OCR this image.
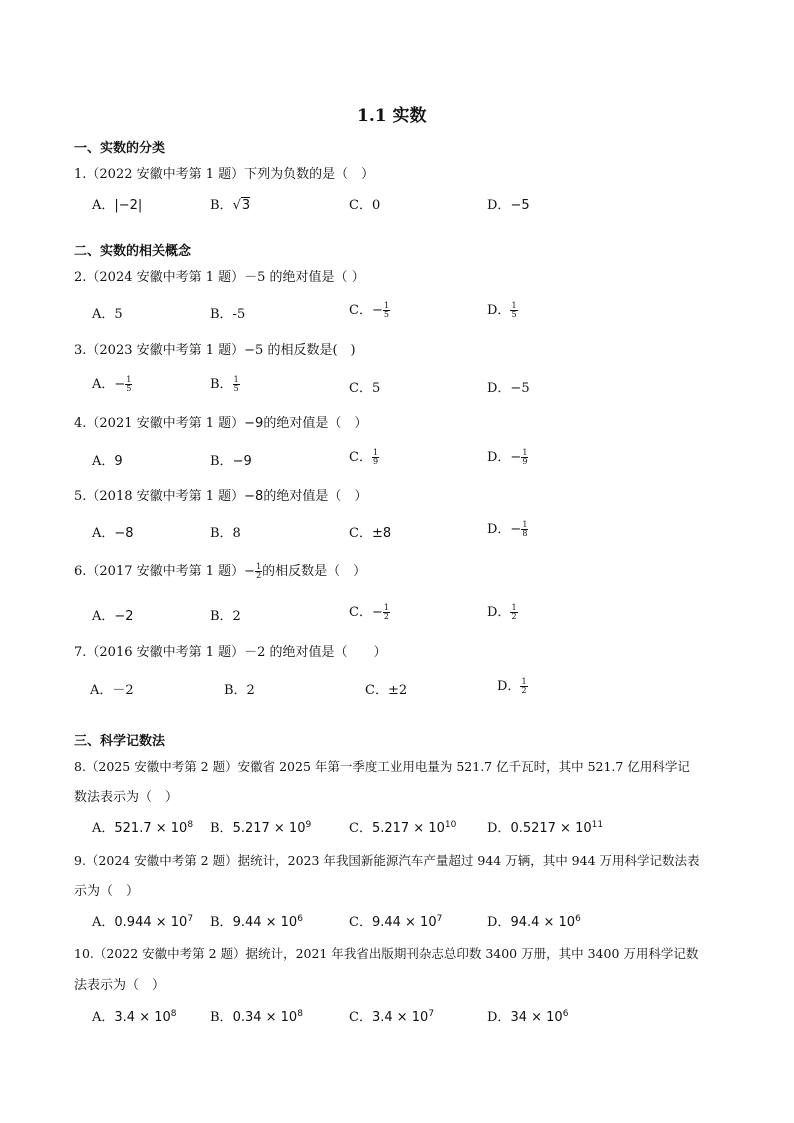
1.1 实数
一、实数的分类
1.（2022 安徽中考第 1 题）下列为负数的是（　）
A．|−2|	B．√3	C．0	D．−5
二、实数的相关概念
2.（2024 安徽中考第 1 题）－5 的绝对值是（ ）
A．5	B．-5	C．− $\frac{1}{5}$	D． $\frac{1}{5}$
3.（2023 安徽中考第 1 题）−5 的相反数是(　)
A．− $\frac{1}{5}$	B． $\frac{1}{5}$	C．5	D．−5
4.（2021 安徽中考第 1 题）−9的绝对值是（　）
A．9	B．−9	C． $\frac{1}{9}$	D．− $\frac{1}{9}$
5.（2018 安徽中考第 1 题）−8的绝对值是（　）
A．−8	B．8	C．±8	D．− $\frac{1}{8}$
6.（2017 安徽中考第 1 题）− $\frac{1}{2}$ 的相反数是（　）
A．−2	B．2	C．− $\frac{1}{2}$	D． $\frac{1}{2}$
7.（2016 安徽中考第 1 题）－2 的绝对值是（　　）
A．－2	B．2	C．±2	D． $\frac{1}{2}$
三、科学记数法
8.（2025 安徽中考第 2 题）安徽省 2025 年第一季度工业用电量为 521.7 亿千瓦时，其中 521.7 亿用科学记
数法表示为（　）
A．$521.7 \times 10^8$ B．$5.217 \times 10^9$	C．$5.217 \times 10^{10}$ D．$0.5217 \times 10^{11}$
9.（2024 安徽中考第 2 题）据统计，2023 年我国新能源汽车产量超过 944 万辆，其中 944 万用科学记数法表
示为（　）
A．$0.944 \times 10^7$ B．$9.44 \times 10^6$	C．$9.44 \times 10^7$	D．$94.4 \times 10^6$
10.（2022 安徽中考第 2 题）据统计，2021 年我省出版期刊杂志总印数 3400 万册，其中 3400 万用科学记数
法表示为（　）
A．$3.4 \times 10^8$	B．$0.34 \times 10^8$	C．$3.4 \times 10^7$	D．$34 \times 10^6$
